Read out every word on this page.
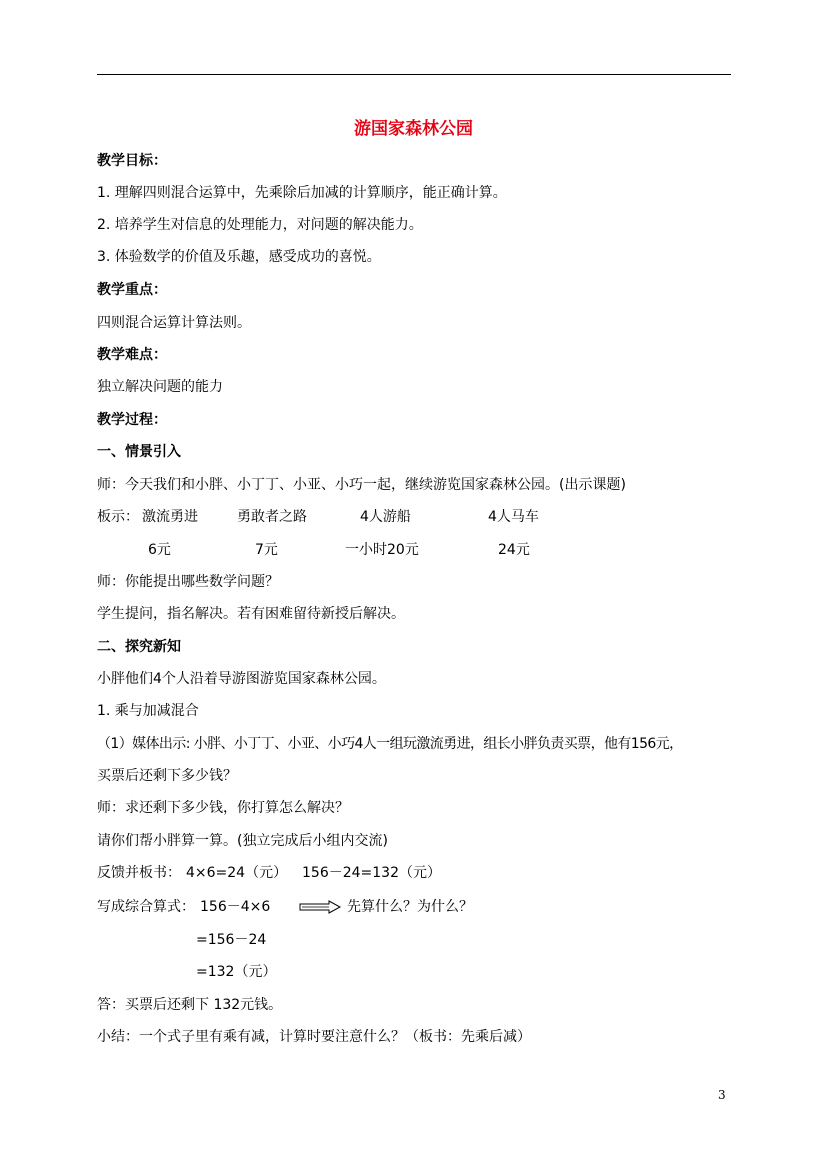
游国家森林公园
教学目标：
1. 理解四则混合运算中，先乘除后加减的计算顺序，能正确计算。
2. 培养学生对信息的处理能力，对问题的解决能力。
3. 体验数学的价值及乐趣，感受成功的喜悦。
教学重点：
四则混合运算计算法则。
教学难点：
独立解决问题的能力
教学过程：
一、情景引入
师：今天我们和小胖、小丁丁、小亚、小巧一起，继续游览国家森林公园。(出示课题)
板示： 激流勇进	勇敢者之路	4人游船	4人马车
6元	7元	一小时20元	24元
师：你能提出哪些数学问题？
学生提问，指名解决。若有困难留待新授后解决。
二、探究新知
小胖他们4个人沿着导游图游览国家森林公园。
1. 乘与加减混合
（1）媒体出示: 小胖、小丁丁、小亚、小巧4人一组玩激流勇进，组长小胖负责买票，他有156元，
买票后还剩下多少钱？
师：求还剩下多少钱，你打算怎么解决？
请你们帮小胖算一算。(独立完成后小组内交流)
反馈并板书： 4×6=24（元） 156－24=132（元）
写成综合算式： 156－4×6	先算什么？为什么？
=156－24
=132（元）
答：买票后还剩下 132元钱。
小结：一个式子里有乘有减，计算时要注意什么？（板书：先乘后减）
3
